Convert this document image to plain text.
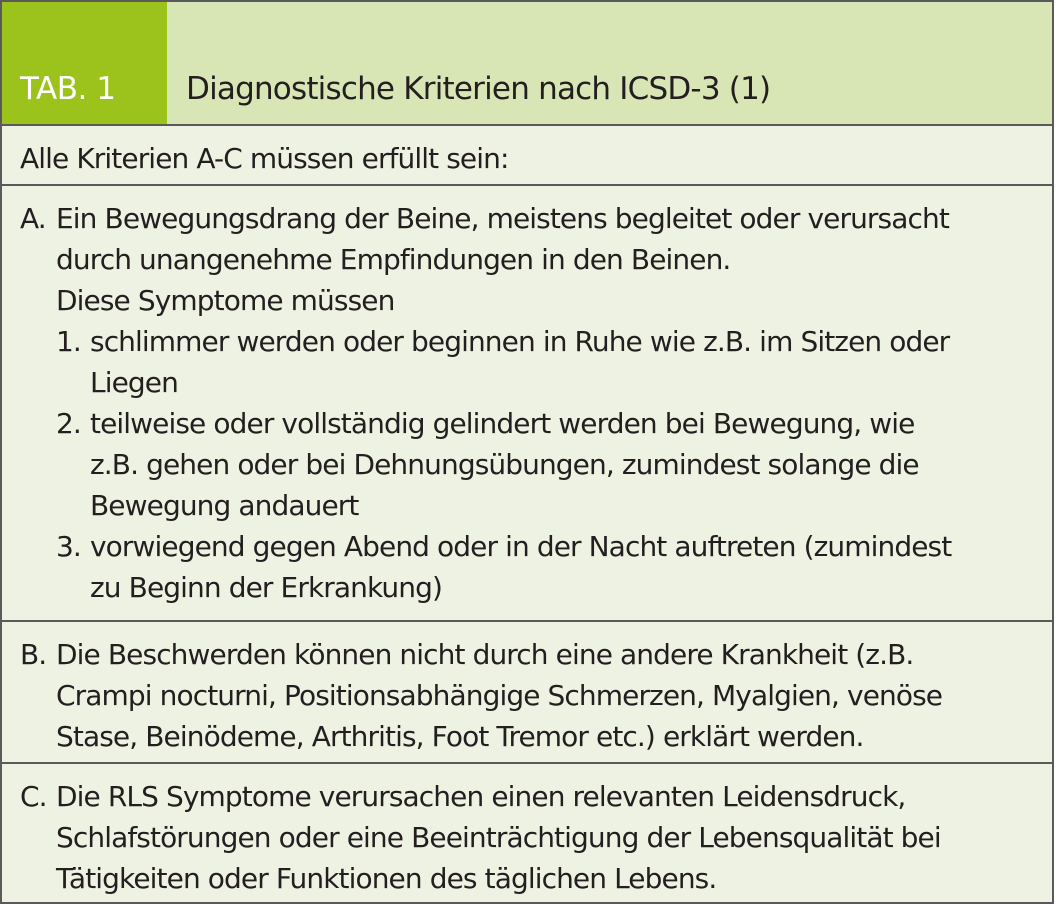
TAB. 1 Diagnostische Kriterien nach ICSD-3 (1)
Alle Kriterien A-C müssen erfüllt sein:
A. Ein Bewegungsdrang der Beine, meistens begleitet oder verursacht
durch unangenehme Empfindungen in den Beinen.
Diese Symptome müssen
1. schlimmer werden oder beginnen in Ruhe wie z.B. im Sitzen oder
Liegen
2. teilweise oder vollständig gelindert werden bei Bewegung, wie
z.B. gehen oder bei Dehnungsübungen, zumindest solange die
Bewegung andauert
3. vorwiegend gegen Abend oder in der Nacht auftreten (zumindest
zu Beginn der Erkrankung)
B. Die Beschwerden können nicht durch eine andere Krankheit (z.B.
Crampi nocturni, Positionsabhängige Schmerzen, Myalgien, venöse
Stase, Beinödeme, Arthritis, Foot Tremor etc.) erklärt werden.
C. Die RLS Symptome verursachen einen relevanten Leidensdruck,
Schlafstörungen oder eine Beeinträchtigung der Lebensqualität bei
Tätigkeiten oder Funktionen des täglichen Lebens.
